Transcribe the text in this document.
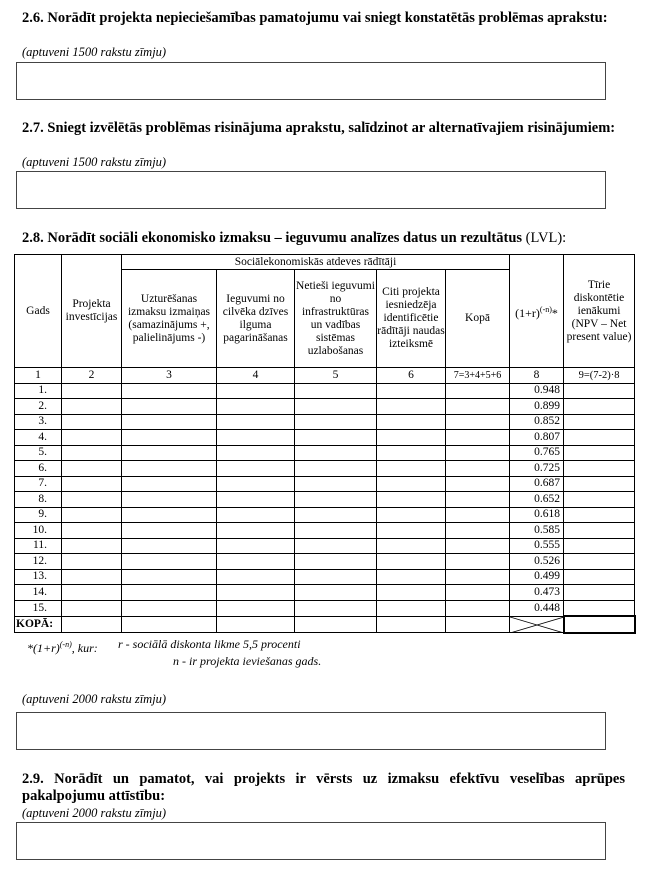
2.6. Norādīt projekta nepieciešamības pamatojumu vai sniegt konstatētās problēmas aprakstu:
(aptuveni 1500 rakstu zīmju)
2.7. Sniegt izvēlētās problēmas risinājuma aprakstu, salīdzinot ar alternatīvajiem risinājumiem:
(aptuveni 1500 rakstu zīmju)
2.8. Norādīt sociāli ekonomisko izmaksu – ieguvumu analīzes datus un rezultātus (LVL):
Gads	Projekta investīcijas	Sociālekonomiskās atdeves rādītāji					$(1+r)^{(-n)}*$	Tīrie diskontētie ienākumi (NPV – Net present value)
		Uzturēšanas izmaksu izmaiņas (samazinājums +, palielinājums -)	Ieguvumi no cilvēka dzīves ilguma pagarināšanas	Netieši ieguvumi no infrastruktūras un vadības sistēmas uzlabošanas	Citi projekta iesniedzēja identificētie rādītāji naudas izteiksmē	Kopā		
1	2	3	4	5	6	7=3+4+5+6	8	9=(7-2)·8
1.							0.948	
2.							0.899	
3.							0.852	
4.							0.807	
5.							0.765	
6.							0.725	
7.							0.687	
8.							0.652	
9.							0.618	
10.							0.585	
11.							0.555	
12.							0.526	
13.							0.499	
14.							0.473	
15.							0.448	
KOPĀ:							

$*(1+r)^{(-n)}$, kur:	r - sociālā diskonta likme 5,5 procenti
n - ir projekta ieviešanas gads.
(aptuveni 2000 rakstu zīmju)
2.9. Norādīt un pamatot, vai projekts ir vērsts uz izmaksu efektīvu veselības aprūpes pakalpojumu attīstību:
(aptuveni 2000 rakstu zīmju)
